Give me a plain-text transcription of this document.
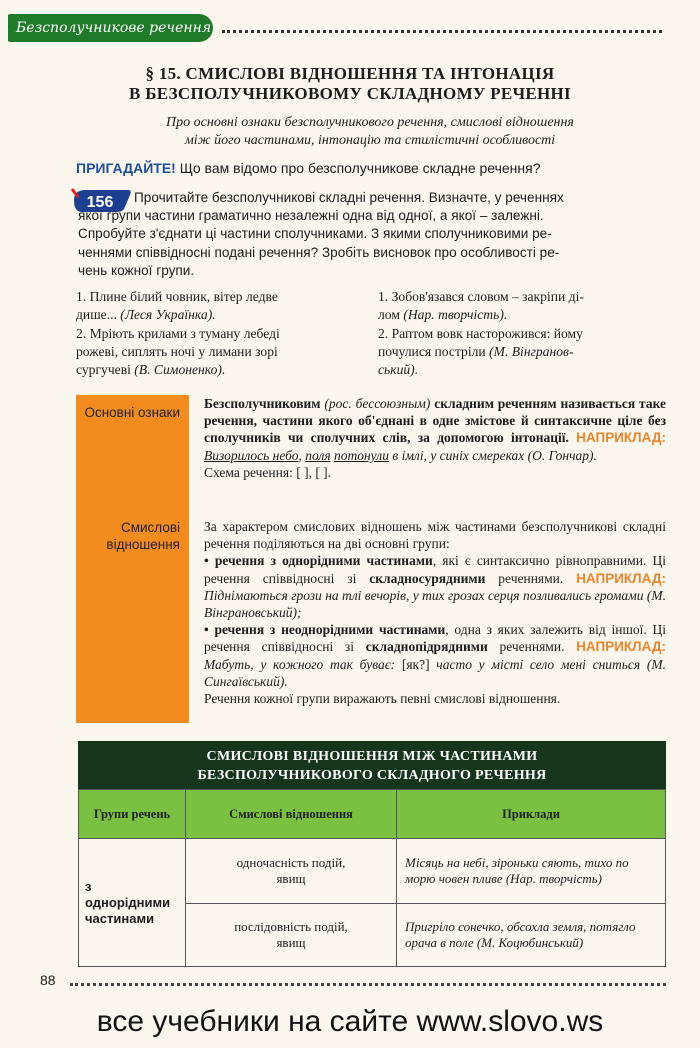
Безсполучникове речення
§ 15. СМИСЛОВІ ВІДНОШЕННЯ ТА ІНТОНАЦІЯ
В БЕЗСПОЛУЧНИКОВОМУ СКЛАДНОМУ РЕЧЕННІ
Про основні ознаки безсполучникового речення, смислові відношення
між його частинами, інтонацію та стилістичні особливості
ПРИГАДАЙТЕ! Що вам відомо про безсполучникове складне речення?
156	Прочитайте безсполучникові складні речення. Визначте, у реченнях
якої групи частини граматично незалежні одна від одної, а якої – залежні.
Спробуйте з'єднати ці частини сполучниками. З якими сполучниковими ре-
ченнями співвідносні подані речення? Зробіть висновок про особливості ре-
чень кожної групи.
1. Плине білий човник, вітер ледве
дише... (Леся Українка).
2. Мріють крилами з туману лебеді
рожеві, сиплять ночі у лимани зорі
сургучеві (В. Симоненко).
1. Зобов'язався словом – закріпи ді-
лом (Нар. творчість).
2. Раптом вовк насторожився: йому
почулися постріли (М. Вінгранов-
ський).
Основні ознаки
Смислові відношення
Безсполучниковим (рос. бессоюзным) складним реченням називається таке речення, частини якого об'єднані в одне змістове й синтаксичне ціле без сполучників чи сполучних слів, за допомогою інтонації. НАПРИКЛАД: Визорилось небо, поля потонули в імлі, у синіх смереках (О. Гончар).
Схема речення: [ ], [ ].
За характером смислових відношень між частинами безсполучникові складні речення поділяються на дві основні групи:
• речення з однорідними частинами, які є синтаксично рівноправними. Ці речення співвідносні зі складносурядними реченнями. НАПРИКЛАД: Піднімаються грози на тлі вечорів, у тих грозах серця позливались громами (М. Вінграновський);
• речення з неоднорідними частинами, одна з яких залежить від іншої. Ці речення співвідносні зі складнопідрядними реченнями. НАПРИКЛАД: Мабуть, у кожного так буває: [як?] часто у місті село мені сниться (М. Сингаївський).
Речення кожної групи виражають певні смислові відношення.
СМИСЛОВІ ВІДНОШЕННЯ МІЖ ЧАСТИНАМИ
БЕЗСПОЛУЧНИКОВОГО СКЛАДНОГО РЕЧЕННЯ
Групи речень	Смислові відношення	Приклади
з однорідними частинами	одночасність подій, явищ	Місяць на небі, зіроньки сяють, тихо по морю човен пливе (Нар. творчість)
	послідовність подій, явищ	Пригріло сонечко, обсохла земля, потягло орача в поле (М. Коцюбинський)
88
все учебники на сайте www.slovo.ws
